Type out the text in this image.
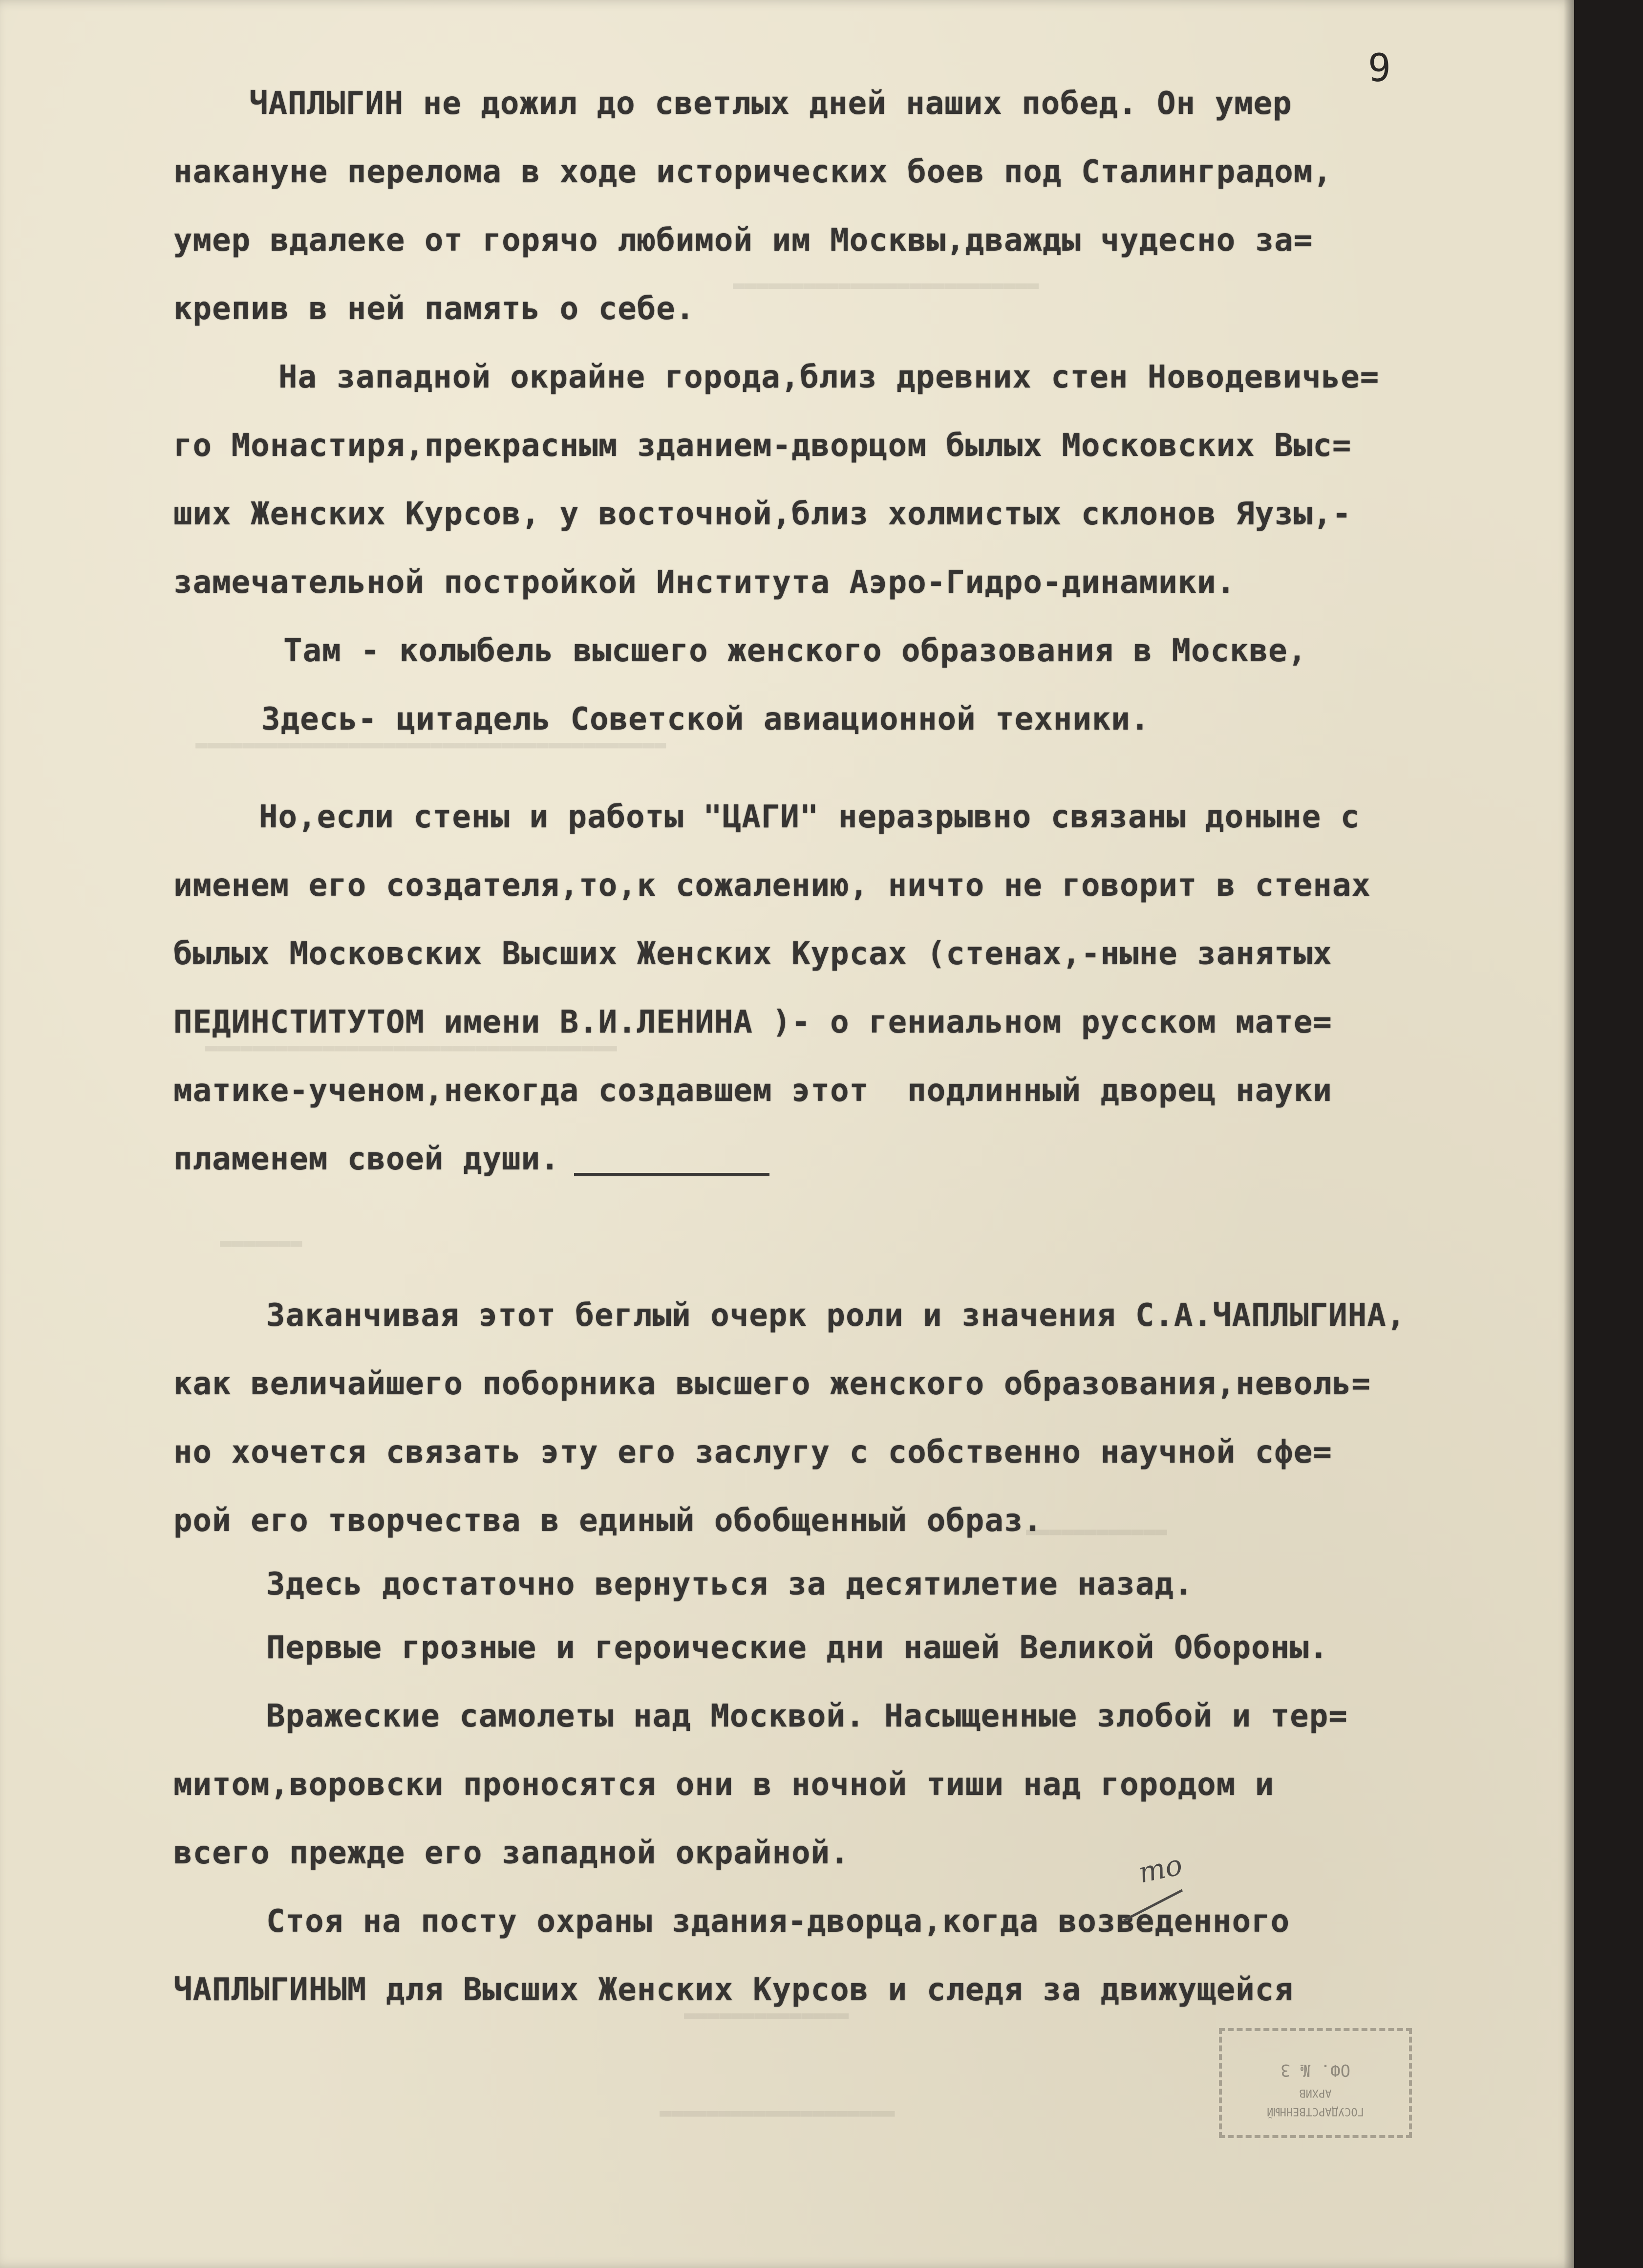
▬▬▬▬▬▬▬▬▬▬▬▬▬▬▬▬▬▬▬▬▬▬▬▬▬▬
▬▬▬▬▬▬▬▬▬▬▬▬▬▬▬▬▬▬▬▬▬▬▬▬▬▬▬▬▬▬▬▬▬▬▬▬▬▬▬▬
▬▬▬▬▬▬▬▬▬▬▬▬▬▬▬▬▬▬▬▬▬▬▬▬▬▬▬▬▬▬▬▬▬▬▬
▬▬▬▬▬▬▬
▬▬▬▬▬▬▬▬▬▬▬▬
▬▬▬▬▬▬▬▬▬▬▬▬▬▬
▬▬▬▬▬▬▬▬▬▬▬▬▬▬▬▬▬▬▬▬
9
ЧАПЛЫГИН не дожил до светлых дней наших побед. Он умер
накануне перелома в ходе исторических боев под Сталинградом,
умер вдалеке от горячо любимой им Москвы,дважды чудесно за=
крепив в ней память о себе.
На западной окрайне города,близ древних стен Новодевичье=
го Монастиря,прекрасным зданием-дворцом былых Московских Выс=
ших Женских Курсов, у восточной,близ холмистых склонов Яузы,-
замечательной постройкой Института Аэро-Гидро-динамики.
Там - колыбель высшего женского образования в Москве,
Здесь- цитадель Советской авиационной техники.
Но,если стены и работы "ЦАГИ" неразрывно связаны доныне с
именем его создателя,то,к сожалению, ничто не говорит в стенах
былых Московских Высших Женских Курсах (стенах,-ныне занятых
ПЕДИНСТИТУТОМ имени В.И.ЛЕНИНА )- о гениальном русском мате=
матике-ученом,некогда создавшем этот  подлинный дворец науки
пламенем своей души.
Заканчивая этот беглый очерк роли и значения С.А.ЧАПЛЫГИНА,
как величайшего поборника высшего женского образования,неволь=
но хочется связать эту его заслугу с собственно научной сфе=
рой его творчества в единый обобщенный образ.
Здесь достаточно вернуться за десятилетие назад.
Первые грозные и героические дни нашей Великой Обороны.
Вражеские самолеты над Москвой. Насыщенные злобой и тер=
митом,воровски проносятся они в ночной тиши над городом и
всего прежде его западной окрайной.
Стоя на посту охраны здания-дворца,когда возведенного
ЧАПЛЫГИНЫМ для Высших Женских Курсов и следя за движущейся
то
ГОСУДАРСТВЕННЫЙ
АРХИВ
ОФ. № 3
